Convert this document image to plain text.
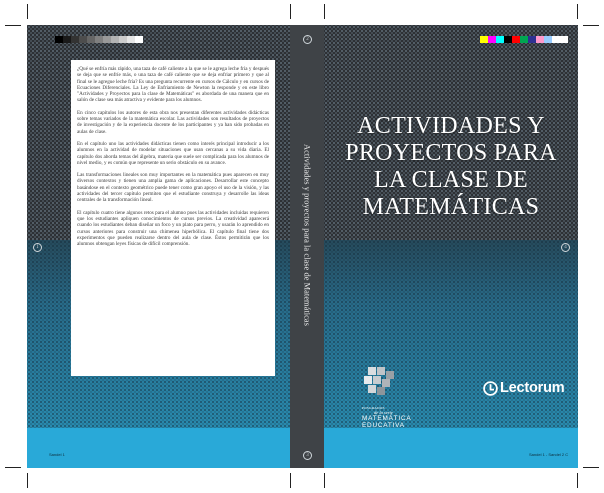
1

¿Qué se enfría más rápido, una taza de café caliente a la que se le agrega leche fría y después se deja que se enfríe más, o una taza de café caliente que se deja enfriar primero y que al final se le agregue leche fría? Es una pregunta recurrente en cursos de Cálculo y en cursos de Ecuaciones Diferenciales. La Ley de Enfriamiento de Newton la responde y en este libro "Actividades y Proyectos para la clase de Matemáticas" es abordada de una manera que en salón de clase sea más atractiva y evidente para los alumnos.

En cinco capítulos los autores de esta obra nos presentan diferentes actividades didácticas sobre temas variados de la matemática escolar. Las actividades son resultados de proyectos de investigación y de la experiencia docente de los participantes y ya han sido probadas en aulas de clase.

En el capítulo uno las actividades didácticas tienen como interés principal introducir a los alumnos en la actividad de modelar situaciones que usan cercanas a su vida diaria. El capítulo dos aborda temas del álgebra, materia que suele ser complicada para los alumnos de nivel medio, y es común que represente un serio obstáculo en su avance.

Las transformaciones lineales son muy importantes en la matemática pues aparecen en muy diversos contextos y tienen una amplia gama de aplicaciones. Desarrollar este concepto basándose en el contexto geométrico puede tener como gran apoyo el uso de la visión, y las actividades del tercer capítulo permiten que el estudiante construya y desarrolle las ideas centrales de la transformación lineal.

El capítulo cuatro tiene algunos retos para el alumno pues las actividades incluidas requieren que los estudiantes apliquen conocimientos de cursos previos. La creatividad aparecerá cuando los estudiantes deban diseñar un foco y un plato para perro, y usarán lo aprendido en cursos anteriores para construir una chimenea hiperbólica. El capítulo final tiene dos experimentos que pueden realizarse dentro del aula de clase. Éstos permitirán que los alumnos obtengan leyes físicas de difícil comprensión.

Sandel 1
2
Actividades y proyectos para la clase de Matemáticas
3
4
ACTIVIDADES Y
PROYECTOS PARA
LA CLASE DE
MATEMÁTICAS
POSGRADOS
de la serie
MATEMÁTICA
EDUCATIVA
Lectorum
Sandel 1 - Sandel 2 C
